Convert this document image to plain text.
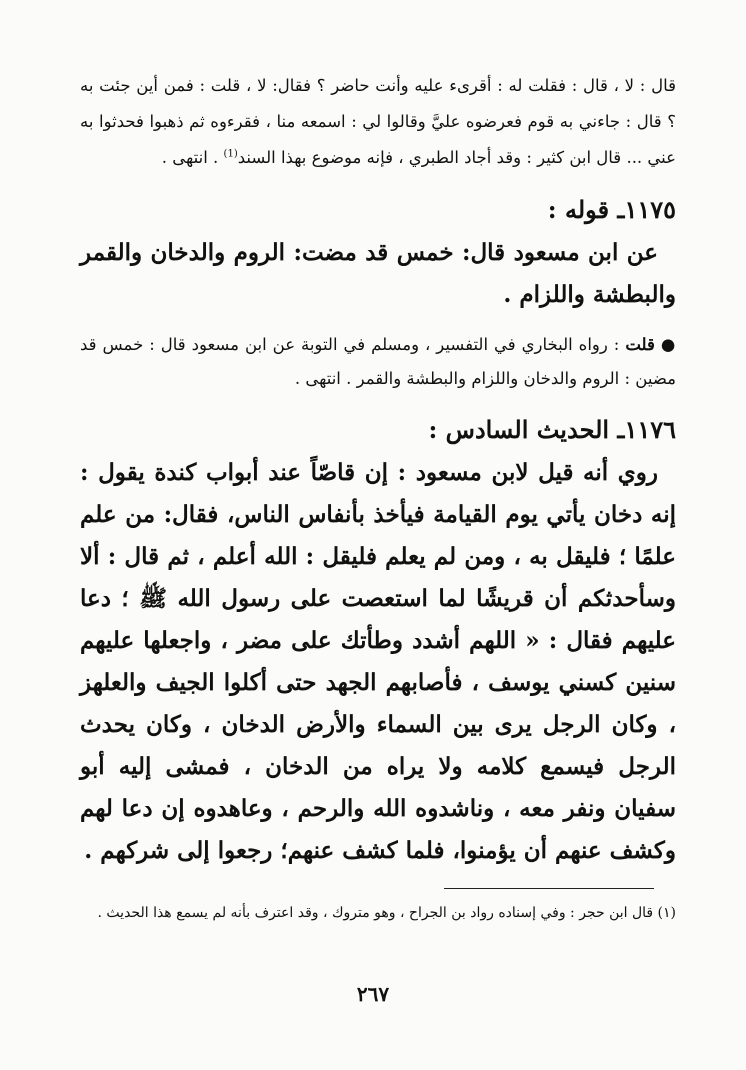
قال : لا ، قال : فقلت له : أقرىء عليه وأنت حاضر ؟ فقال: لا ، قلت : فمن أين جئت به ؟ قال : جاءني به قوم فعرضوه عليَّ وقالوا لي : اسمعه منا ، فقرءوه ثم ذهبوا فحدثوا به عني ... قال ابن كثير : وقد أجاد الطبري ، فإنه موضوع بهذا السند$^{(1)}$ . انتهى .

١١٧٥ـ قوله :

عن ابن مسعود قال: خمس قد مضت: الروم والدخان والقمر والبطشة واللزام .

●قلت : رواه البخاري في التفسير ، ومسلم في التوبة عن ابن مسعود قال : خمس قد مضين : الروم والدخان واللزام والبطشة والقمر . انتهى .

١١٧٦ـ الحديث السادس :

روي أنه قيل لابن مسعود : إن قاصّاً عند أبواب كندة يقول : إنه دخان يأتي يوم القيامة فيأخذ بأنفاس الناس، فقال: من علم علمًا ؛ فليقل به ، ومن لم يعلم فليقل : الله أعلم ، ثم قال : ألا وسأحدثكم أن قريشًا لما استعصت على رسول الله ﷺ ؛ دعا عليهم فقال : « اللهم أشدد وطأتك على مضر ، واجعلها عليهم سنين كسني يوسف ، فأصابهم الجهد حتى أكلوا الجيف والعلهز ، وكان الرجل يرى بين السماء والأرض الدخان ، وكان يحدث الرجل فيسمع كلامه ولا يراه من الدخان ، فمشى إليه أبو سفيان ونفر معه ، وناشدوه الله والرحم ، وعاهدوه إن دعا لهم وكشف عنهم أن يؤمنوا، فلما كشف عنهم؛ رجعوا إلى شركهم .

(١) قال ابن حجر : وفي إسناده رواد بن الجراح ، وهو متروك ، وقد اعترف بأنه لم يسمع هذا الحديث .

٢٦٧
